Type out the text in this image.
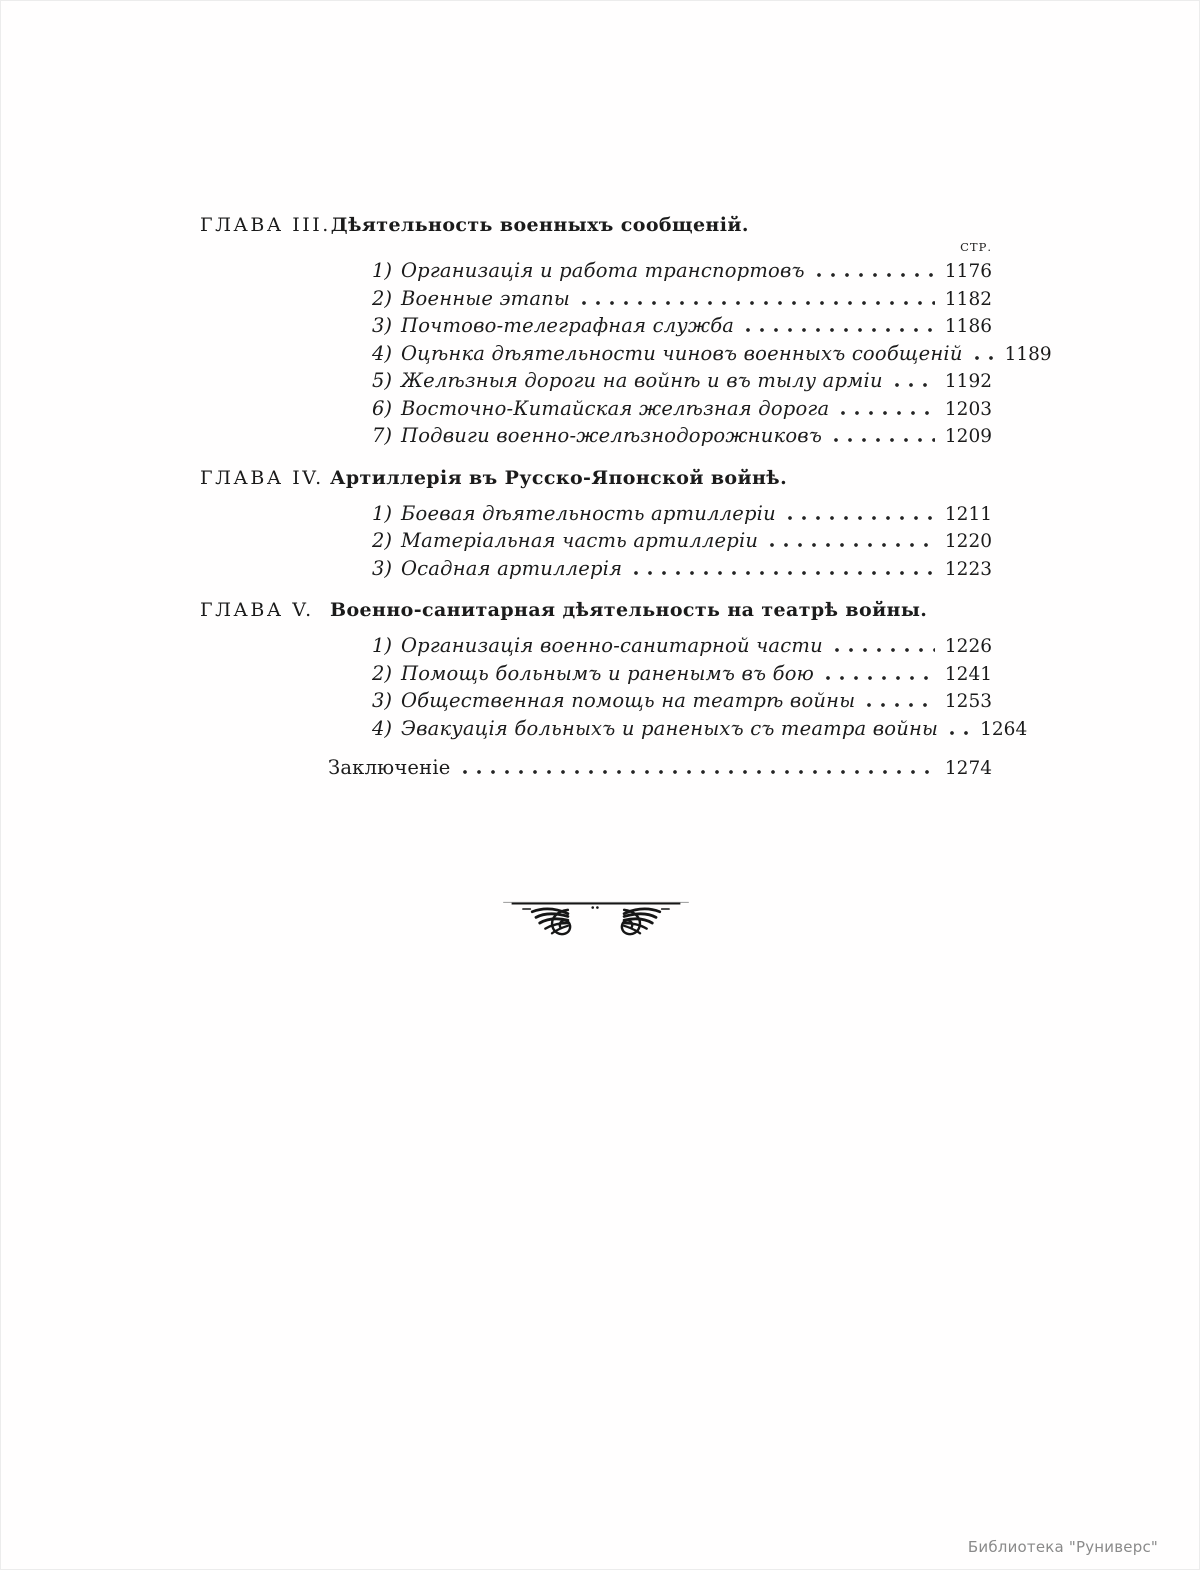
ГЛАВА III. Дѣятельность военныхъ сообщеній.
СТР.
1) Организація и работа транспортовъ	1176
2) Военные этапы	1182
3) Почтово-телеграфная служба	1186
4) Оцѣнка дѣятельности чиновъ военныхъ сообщеній 1189
5) Желѣзныя дороги на войнѣ и въ тылу арміи	1192
6) Восточно-Китайская желѣзная дорога	1203
7) Подвиги военно-желѣзнодорожниковъ	1209
ГЛАВА IV. Артиллерія въ Русско-Японской войнѣ.
1) Боевая дѣятельность артиллеріи	1211
2) Матеріальная часть артиллеріи	1220
3) Осадная артиллерія	1223
ГЛАВА V. Военно-санитарная дѣятельность на театрѣ войны.
1) Организація военно-санитарной части	1226
2) Помощь больнымъ и раненымъ въ бою	1241
3) Общественная помощь на театрѣ войны	1253
4) Эвакуація больныхъ и раненыхъ съ театра войны 1264
Заключеніе	1274
Библиотека "Руниверс"
